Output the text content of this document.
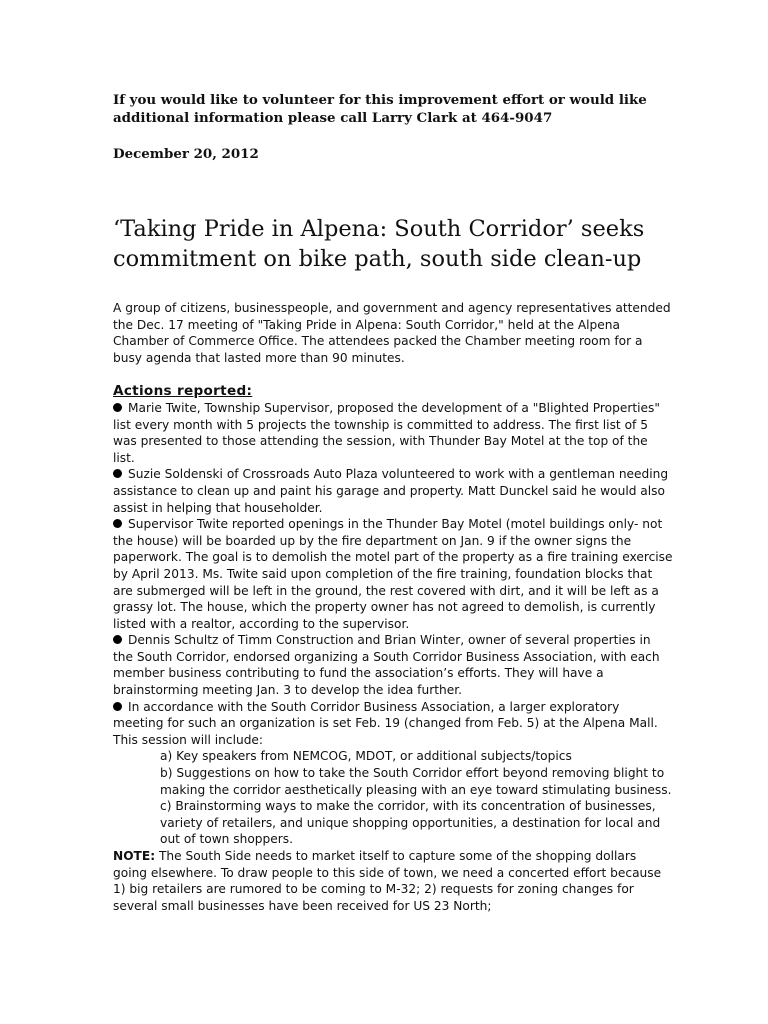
If you would like to volunteer for this improvement effort or would like additional information please call Larry Clark at 464-9047
December 20, 2012
‘Taking Pride in Alpena: South Corridor’ seeks commitment on bike path, south side clean-up

A group of citizens, businesspeople, and government and agency representatives attended the Dec. 17 meeting of "Taking Pride in Alpena: South Corridor," held at the Alpena Chamber of Commerce Office. The attendees packed the Chamber meeting room for a busy agenda that lasted more than 90 minutes.

Actions reported:

Marie Twite, Township Supervisor, proposed the development of a "Blighted Properties" list every month with 5 projects the township is committed to address. The first list of 5 was presented to those attending the session, with Thunder Bay Motel at the top of the list.

Suzie Soldenski of Crossroads Auto Plaza volunteered to work with a gentleman needing assistance to clean up and paint his garage and property. Matt Dunckel said he would also assist in helping that householder.

Supervisor Twite reported openings in the Thunder Bay Motel (motel buildings only- not the house) will be boarded up by the fire department on Jan. 9 if the owner signs the paperwork. The goal is to demolish the motel part of the property as a fire training exercise by April 2013. Ms. Twite said upon completion of the fire training, foundation blocks that are submerged will be left in the ground, the rest covered with dirt, and it will be left as a grassy lot. The house, which the property owner has not agreed to demolish, is currently listed with a realtor, according to the supervisor.

Dennis Schultz of Timm Construction and Brian Winter, owner of several properties in the South Corridor, endorsed organizing a South Corridor Business Association, with each member business contributing to fund the association’s efforts. They will have a brainstorming meeting Jan. 3 to develop the idea further.

In accordance with the South Corridor Business Association, a larger exploratory meeting for such an organization is set Feb. 19 (changed from Feb. 5) at the Alpena Mall. This session will include:

a) Key speakers from NEMCOG, MDOT, or additional subjects/topics

b) Suggestions on how to take the South Corridor effort beyond removing blight to making the corridor aesthetically pleasing with an eye toward stimulating business.

c) Brainstorming ways to make the corridor, with its concentration of businesses, variety of retailers, and unique shopping opportunities, a destination for local and out of town shoppers.

NOTE: The South Side needs to market itself to capture some of the shopping dollars going elsewhere. To draw people to this side of town, we need a concerted effort because 1) big retailers are rumored to be coming to M-32; 2) requests for zoning changes for several small businesses have been received for US 23 North;
